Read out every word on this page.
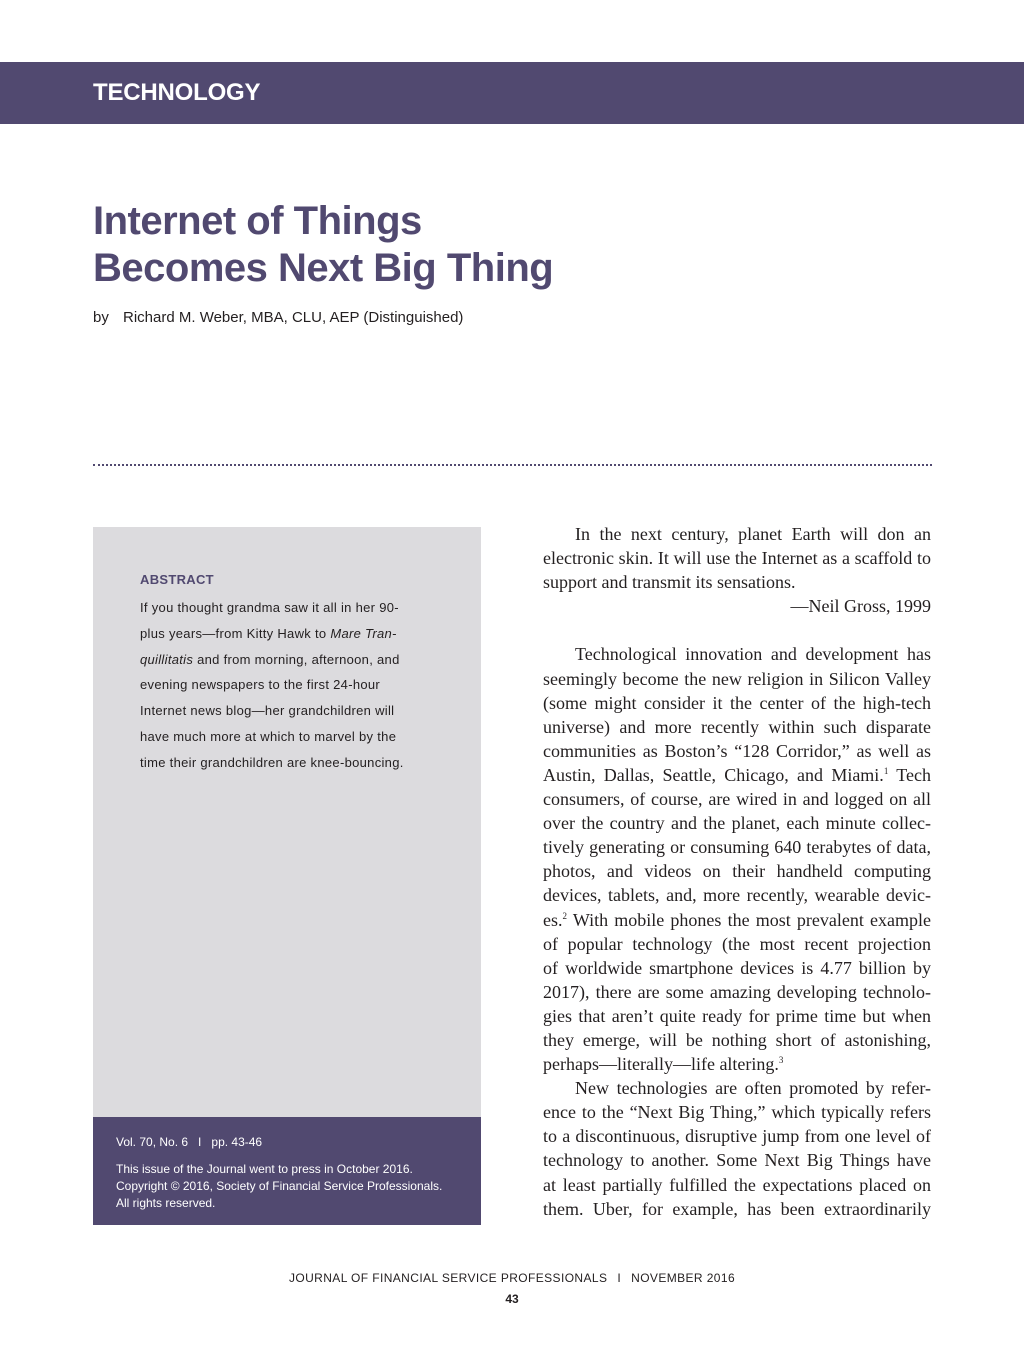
TECHNOLOGY
Internet of Things
Becomes Next Big Thing
by Richard M. Weber, MBA, CLU, AEP (Distinguished)
ABSTRACT
If you thought grandma saw it all in her 90-
plus years—from Kitty Hawk to Mare Tran-
quillitatis and from morning, afternoon, and
evening newspapers to the first 24-hour
Internet news blog—her grandchildren will
have much more at which to marvel by the
time their grandchildren are knee-bouncing.
Vol. 70, No. 6 I pp. 43-46
This issue of the Journal went to press in October 2016.
Copyright © 2016, Society of Financial Service Professionals.
All rights reserved.
In the next century, planet Earth will don an
electronic skin. It will use the Internet as a scaffold to
support and transmit its sensations.
—Neil Gross, 1999
Technological innovation and development has
seemingly become the new religion in Silicon Valley
(some might consider it the center of the high-tech
universe) and more recently within such disparate
communities as Boston’s “128 Corridor,” as well as
Austin, Dallas, Seattle, Chicago, and Miami.$^1$ Tech
consumers, of course, are wired in and logged on all
over the country and the planet, each minute collec-
tively generating or consuming 640 terabytes of data,
photos, and videos on their handheld computing
devices, tablets, and, more recently, wearable devic-
es.$^2$ With mobile phones the most prevalent example
of popular technology (the most recent projection
of worldwide smartphone devices is 4.77 billion by
2017), there are some amazing developing technolo-
gies that aren’t quite ready for prime time but when
they emerge, will be nothing short of astonishing,
perhaps—literally—life altering.$^3$
New technologies are often promoted by refer-
ence to the “Next Big Thing,” which typically refers
to a discontinuous, disruptive jump from one level of
technology to another. Some Next Big Things have
at least partially fulfilled the expectations placed on
them. Uber, for example, has been extraordinarily
JOURNAL OF FINANCIAL SERVICE PROFESSIONALS I NOVEMBER 2016
43
